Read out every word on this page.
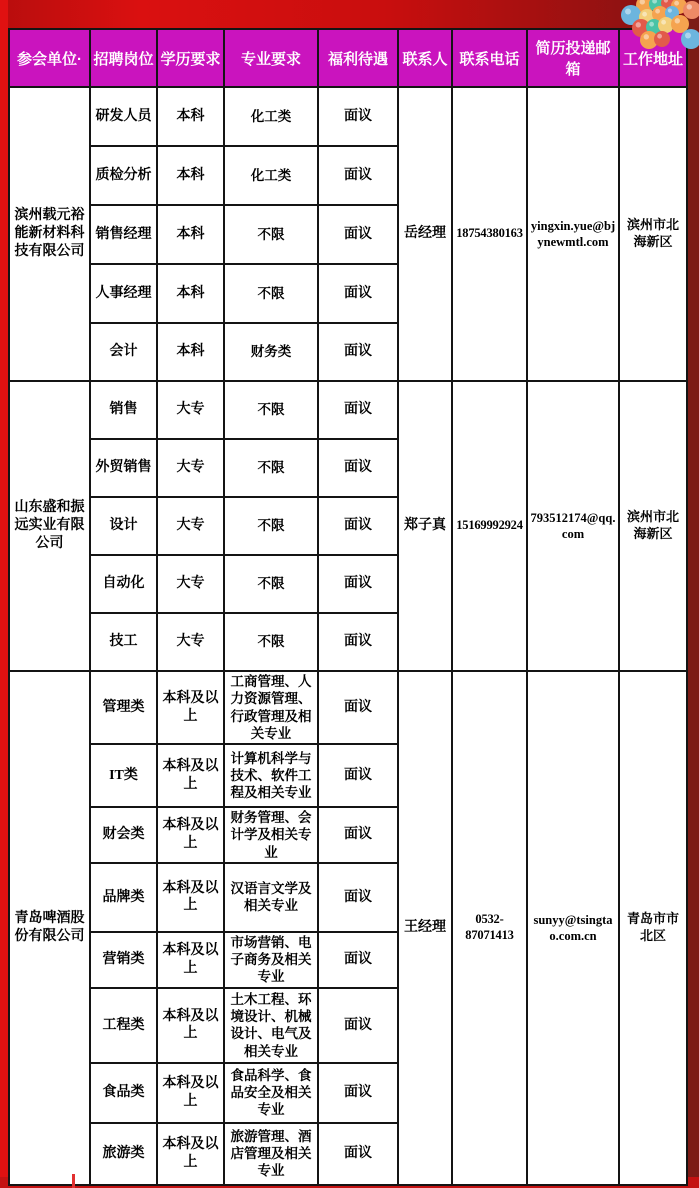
参会单位·	招聘岗位	学历要求	专业要求	福利待遇	联系人	联系电话	简历投递邮箱	工作地址
滨州载元裕能新材料科技有限公司	研发人员	本科	化工类	面议	岳经理	18754380163	yingxin.yue@bjynewmtl.com	滨州市北海新区
	质检分析	本科	化工类	面议				
	销售经理	本科	不限	面议				
	人事经理	本科	不限	面议				
	会计	本科	财务类	面议				
山东盛和振远实业有限公司	销售	大专	不限	面议	郑子真	15169992924	793512174@qq.com	滨州市北海新区
	外贸销售	大专	不限	面议				
	设计	大专	不限	面议				
	自动化	大专	不限	面议				
	技工	大专	不限	面议				
青岛啤酒股份有限公司	管理类	本科及以上	工商管理、人力资源管理、行政管理及相关专业	面议	王经理	0532-87071413	sunyy@tsingtao.com.cn	青岛市市北区
	IT类	本科及以上	计算机科学与技术、软件工程及相关专业	面议				
	财会类	本科及以上	财务管理、会计学及相关专业	面议				
	品牌类	本科及以上	汉语言文学及相关专业	面议				
	营销类	本科及以上	市场营销、电子商务及相关专业	面议				
	工程类	本科及以上	土木工程、环境设计、机械设计、电气及相关专业	面议				
	食品类	本科及以上	食品科学、食品安全及相关专业	面议				
	旅游类	本科及以上	旅游管理、酒店管理及相关专业	面议				
